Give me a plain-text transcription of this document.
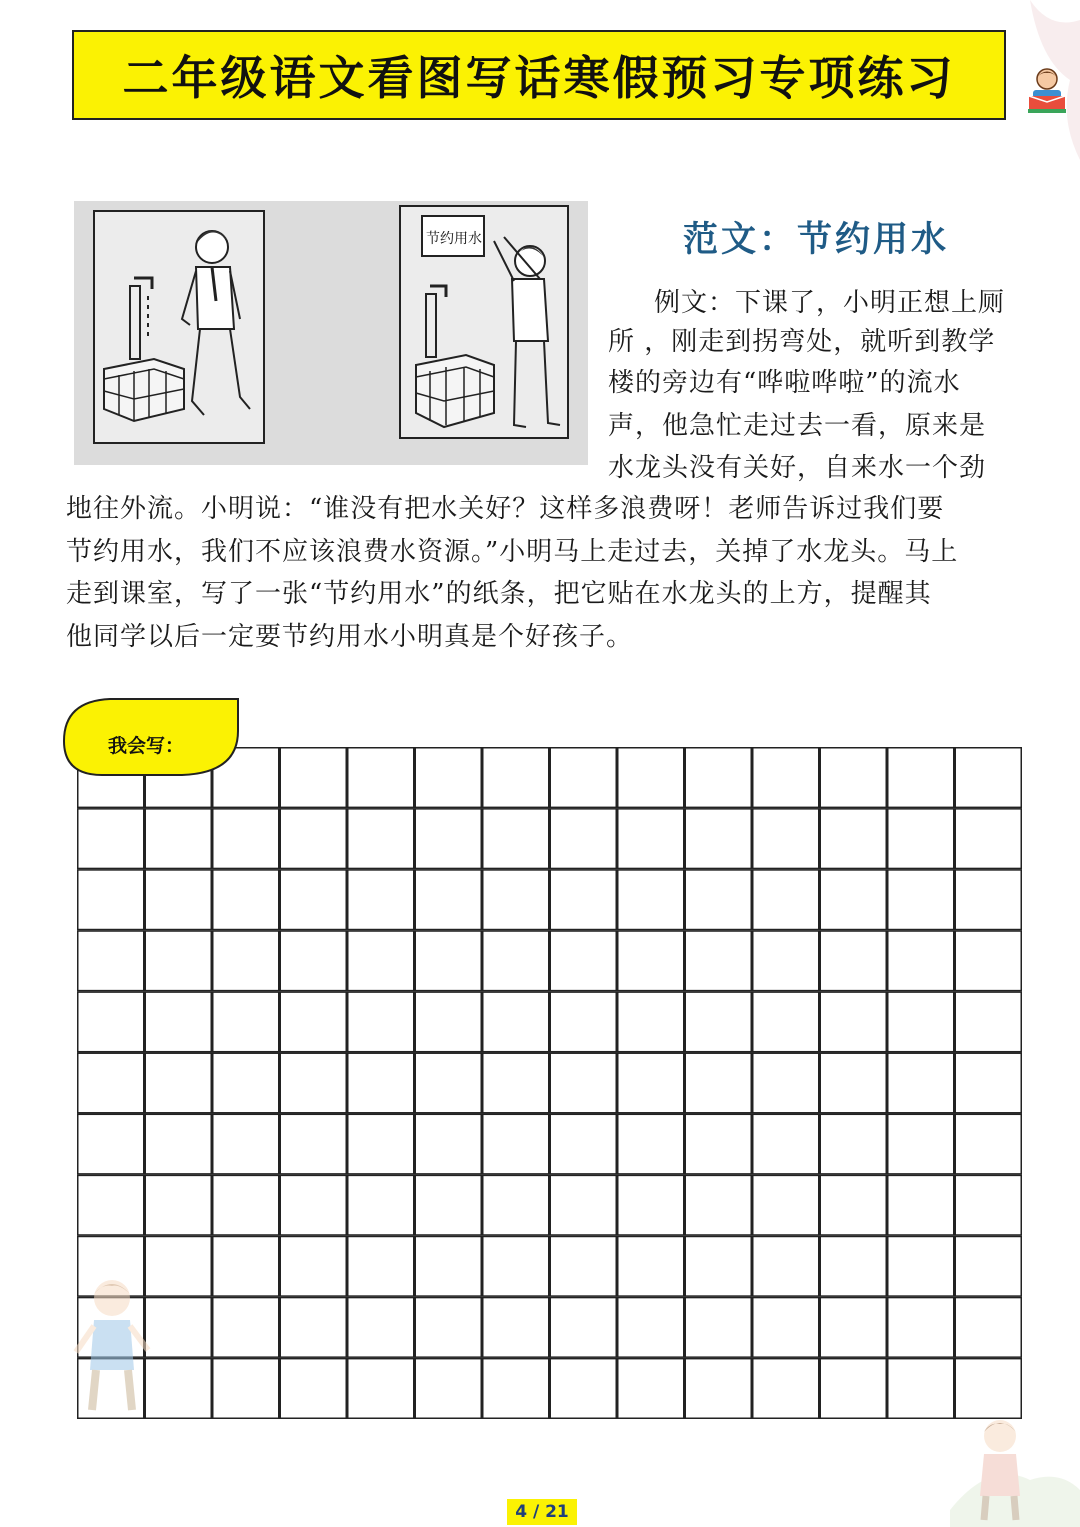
二年级语文看图写话寒假预习专项练习
节约用水	范文：节约用水
例文：下课了，小明正想上厕
所 ，刚走到拐弯处，就听到教学
楼的旁边有“哗啦哗啦”的流水
声，他急忙走过去一看，原来是
水龙头没有关好，自来水一个劲
地往外流。小明说：“谁没有把水关好？这样多浪费呀！老师告诉过我们要
节约用水，我们不应该浪费水资源。”小明马上走过去，关掉了水龙头。马上
走到课室，写了一张“节约用水”的纸条，把它贴在水龙头的上方，提醒其
他同学以后一定要节约用水小明真是个好孩子。
我会写：
4 / 21
